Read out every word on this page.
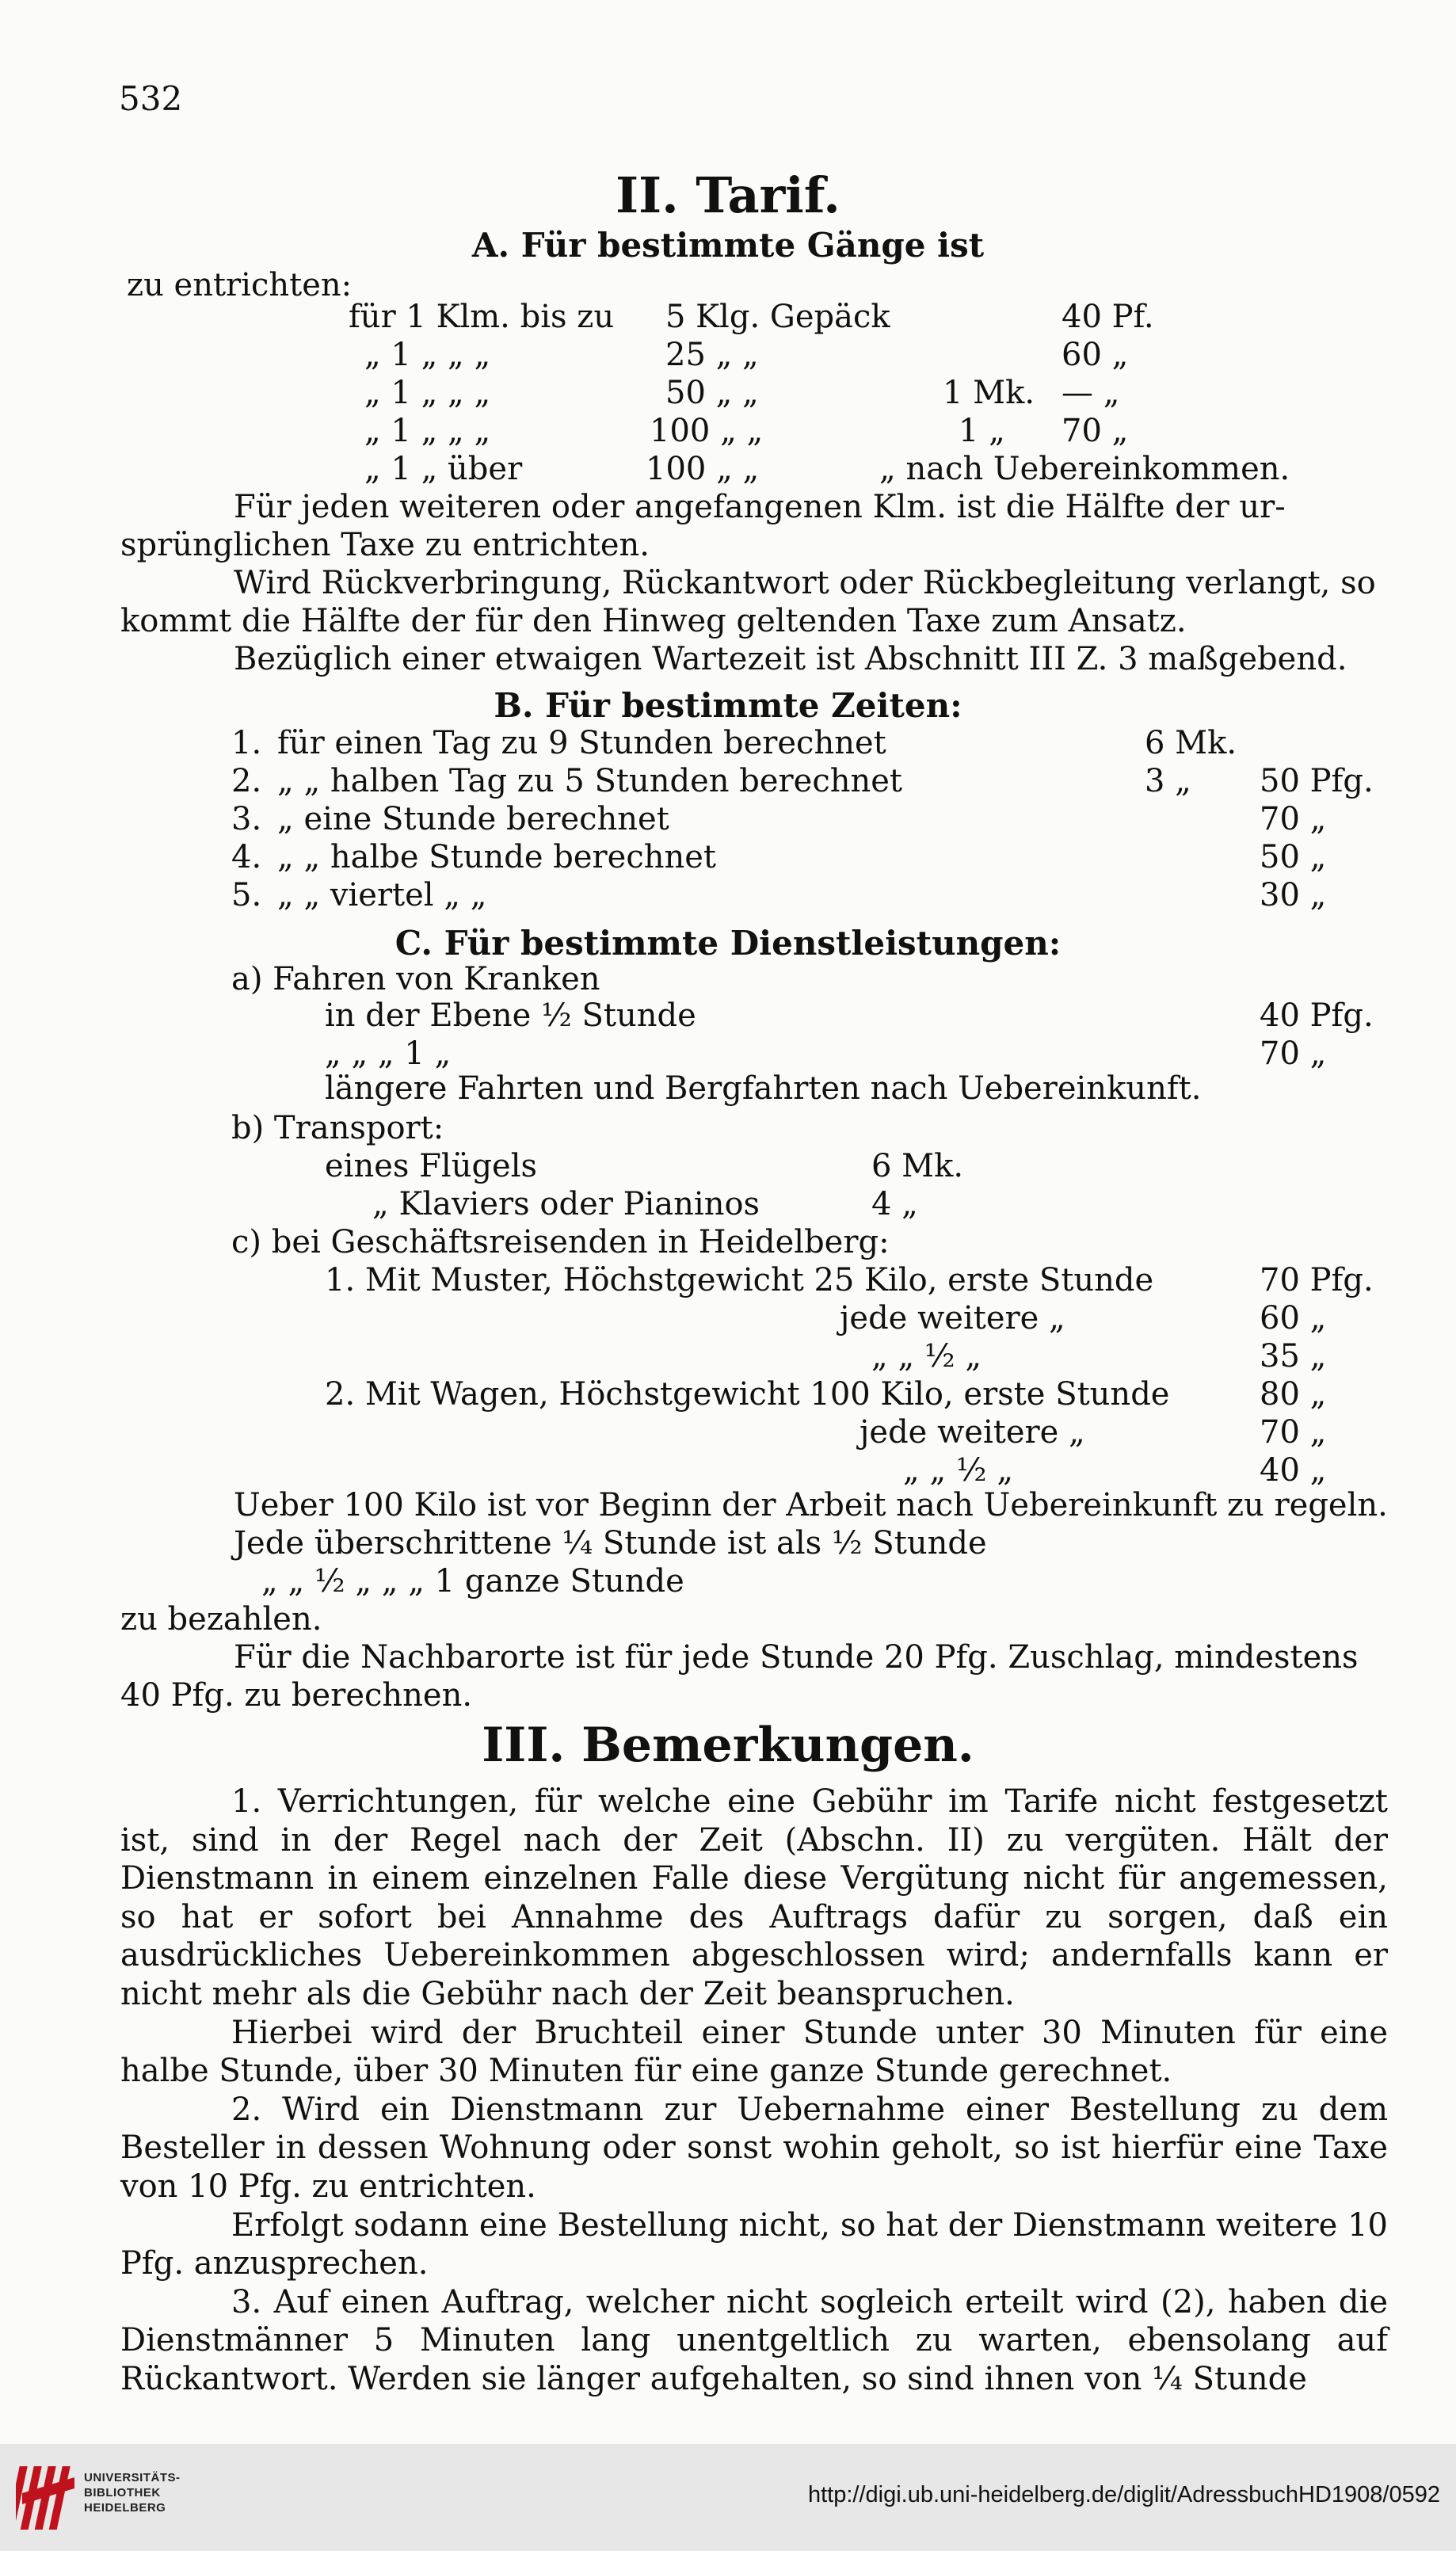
532
II. Tarif.
A. Für bestimmte Gänge ist
zu entrichten:
für 1 Klm. bis zu 5 Klg. Gepäck	40 Pf.
„ 1 „ „ „	25 „ „	60 „
„ 1 „ „ „	50 „ „	1 Mk. — „
„ 1 „ „ „	100 „ „	1 „ 70 „
„ 1 „ über	100 „ „	„ nach Uebereinkommen.
Für jeden weiteren oder angefangenen Klm. ist die Hälfte der ur-
sprünglichen Taxe zu entrichten.
Wird Rückverbringung, Rückantwort oder Rückbegleitung verlangt, so
kommt die Hälfte der für den Hinweg geltenden Taxe zum Ansatz.
Bezüglich einer etwaigen Wartezeit ist Abschnitt III Z. 3 maßgebend.
B. Für bestimmte Zeiten:
1. für einen Tag zu 9 Stunden berechnet	6 Mk.
2. „ „ halben Tag zu 5 Stunden berechnet	3 „ 50 Pfg.
3. „ eine Stunde berechnet	70 „
4. „ „ halbe Stunde berechnet	50 „
5. „ „ viertel „ „	30 „
C. Für bestimmte Dienstleistungen:
a) Fahren von Kranken
in der Ebene ½ Stunde	40 Pfg.
„ „ „ 1 „	70 „
längere Fahrten und Bergfahrten nach Uebereinkunft.
b) Transport:
eines Flügels	6 Mk.
„ Klaviers oder Pianinos	4 „
c) bei Geschäftsreisenden in Heidelberg:
1. Mit Muster, Höchstgewicht 25 Kilo, erste Stunde	70 Pfg.
jede weitere „	60 „
„ „ ½ „	35 „
2. Mit Wagen, Höchstgewicht 100 Kilo, erste Stunde	80 „
jede weitere „	70 „
„ „ ½ „	40 „
Ueber 100 Kilo ist vor Beginn der Arbeit nach Uebereinkunft zu regeln.
Jede überschrittene ¼ Stunde ist als ½ Stunde
„ „ ½ „ „ „ 1 ganze Stunde
zu bezahlen.
Für die Nachbarorte ist für jede Stunde 20 Pfg. Zuschlag, mindestens
40 Pfg. zu berechnen.
III. Bemerkungen.

1. Verrichtungen, für welche eine Gebühr im Tarife nicht festgesetzt ist, sind in der Regel nach der Zeit (Abschn. II) zu vergüten. Hält der Dienstmann in einem einzelnen Falle diese Vergütung nicht für angemessen, so hat er sofort bei Annahme des Auftrags dafür zu sorgen, daß ein ausdrückliches Uebereinkommen abgeschlossen wird; andernfalls kann er nicht mehr als die Gebühr nach der Zeit beanspruchen.

Hierbei wird der Bruchteil einer Stunde unter 30 Minuten für eine halbe Stunde, über 30 Minuten für eine ganze Stunde gerechnet.

2. Wird ein Dienstmann zur Uebernahme einer Bestellung zu dem Besteller in dessen Wohnung oder sonst wohin geholt, so ist hierfür eine Taxe von 10 Pfg. zu entrichten.

Erfolgt sodann eine Bestellung nicht, so hat der Dienstmann weitere 10 Pfg. anzusprechen.

3. Auf einen Auftrag, welcher nicht sogleich erteilt wird (2), haben die Dienstmänner 5 Minuten lang unentgeltlich zu warten, ebensolang auf Rückantwort. Werden sie länger aufgehalten, so sind ihnen von ¼ Stunde

UNIVERSITÄTS-
BIBLIOTHEK
HEIDELBERG
http://digi.ub.uni-heidelberg.de/diglit/AdressbuchHD1908/0592
